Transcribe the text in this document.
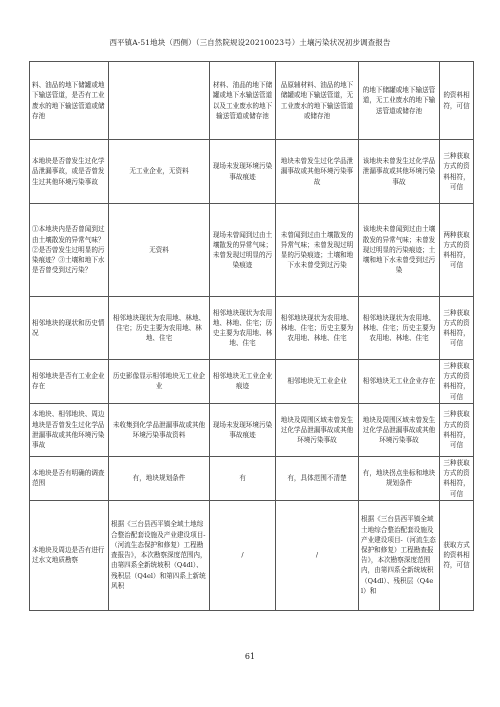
西平镇A-51地块（西侧）（三自然院规设20210023号）土壤污染状况初步调查报告
料、油品的地下储罐或地下输送管道，是否有工业废水的地下输送管道或储存池		材料、油品的地下储罐或地下水输送管道以及工业废水的地下输送管道或储存池	品原辅材料、油品的地下储罐或地下输送管道，无工业废水的地下输送管道或储存池	的地下储罐或地下输送管道，无工业废水的地下输送管道或储存池	的资料相符，可信
本地块是否曾发生过化学品泄漏事故，或是否曾发生过其他环境污染事故	无工业企业，无资料	现场未发现环境污染事故痕迹	地块未曾发生过化学品泄漏事故或其他环境污染事故	该地块未曾发生过化学品泄漏事故或其他环境污染事故	三种获取方式的资料相符，可信
①本地块内是否曾闻到过由土壤散发的异常气味？②是否曾发生过明显的污染痕迹？③土壤和地下水是否曾受到过污染？	无资料	现场未曾闻到过由土壤散发的异常气味；未曾发现过明显的污染痕迹	未曾闻到过由土壤散发的异常气味；未曾发现过明显的污染痕迹；土壤和地下水未曾受到过污染	该地块未曾闻到过由土壤散发的异常气味；未曾发现过明显的污染痕迹；土壤和地下水未曾受到过污染	两种获取方式的资料相符，可信
相邻地块的现状和历史情况	相邻地块现状为农用地、林地、住宅；历史主要为农用地、林地、住宅	相邻地块现状为农用地、林地、住宅；历史主要为农用地、林地、住宅	相邻地块现状为农用地、林地、住宅；历史主要为农用地、林地、住宅	相邻地块现状为农用地、林地、住宅；历史主要为农用地、林地、住宅	三种获取方式的资料相符，可信
相邻地块是否有工业企业存在	历史影像显示相邻地块无工业企业	相邻地块无工业企业痕迹	相邻地块无工业企业	相邻地块无工业企业存在	三种获取方式的资料相符，可信
本地块、相邻地块、周边地块是否曾发生过化学品泄漏事故或其他环境污染事故	未收集到化学品泄漏事故或其他环境污染事故资料	现场未发现环境污染事故痕迹	地块及周围区域未曾发生过化学品泄漏事故或其他环境污染事故	地块及周围区域未曾发生过化学品泄漏事故或其他环境污染事故	三种获取方式的资料相符，可信
本地块是否有明确的调查范围	有，地块规划条件	有	有，具体范围不清楚	有，地块拐点坐标和地块规划条件	三种获取方式的资料相符，可信
本地块及周边是否有进行过水文地质勘察	根据《三台县西平镇全域土地综合整治配套设施及产业建设项目-（河流生态保护和修复）工程勘查报告》，本次勘察深度范围内，由第四系全新统坡积（Q4dl）、残积层（Q4el）和第四系上新统风积	/	/	根据《三台县西平镇全域土地综合整治配套设施及产业建设项目-（河流生态保护和修复）工程勘查报告》，本次勘察深度范围内，由第四系全新统坡积（Q4dl）、残积层（Q4el）和	获取方式的资料相符，可信
61
